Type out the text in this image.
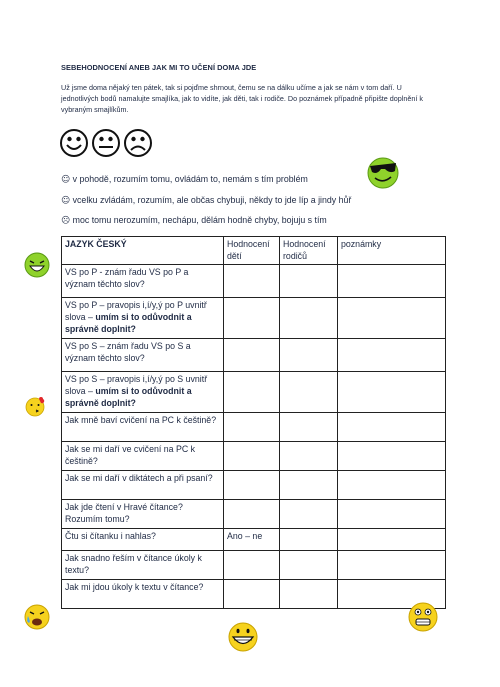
SEBEHODNOCENÍ ANEB JAK MI TO UČENÍ DOMA JDE
Už jsme doma nějaký ten pátek, tak si pojďme shrnout, čemu se na dálku učíme a jak se nám v tom daří. U jednotlivých bodů namalujte smajlíka, jak to vidíte, jak děti, tak i rodiče. Do poznámek případně připište doplnění k vybraným smajlíkům.
☺ v pohodě, rozumím tomu, ovládám to, nemám s tím problém
☺ vcelku zvládám, rozumím, ale občas chybuji, někdy to jde líp a jindy hůř
☹ moc tomu nerozumím, nechápu, dělám hodně chyby, bojuju s tím
JAZYK ČESKÝ	Hodnocení dětí	Hodnocení rodičů	poznámky
VS po P - znám řadu VS po P a význam těchto slov?			
VS po P – pravopis i,í/y,ý po P uvnitř slova – umím si to odůvodnit a správně doplnit?			
VS po S – znám řadu VS po S a význam těchto slov?			
VS po S – pravopis i,í/y,ý po S uvnitř slova – umím si to odůvodnit a správně doplnit?			
Jak mně baví cvičení na PC k češtině?			
Jak se mi daří ve cvičení na PC k češtině?			
Jak se mi daří v diktátech a při psaní?			
Jak jde čtení v Hravé čítance? Rozumím tomu?			
Čtu si čítanku i nahlas?	Ano – ne		
Jak snadno řeším v čítance úkoly k textu?			
Jak mi jdou úkoly k textu v čítance?			
